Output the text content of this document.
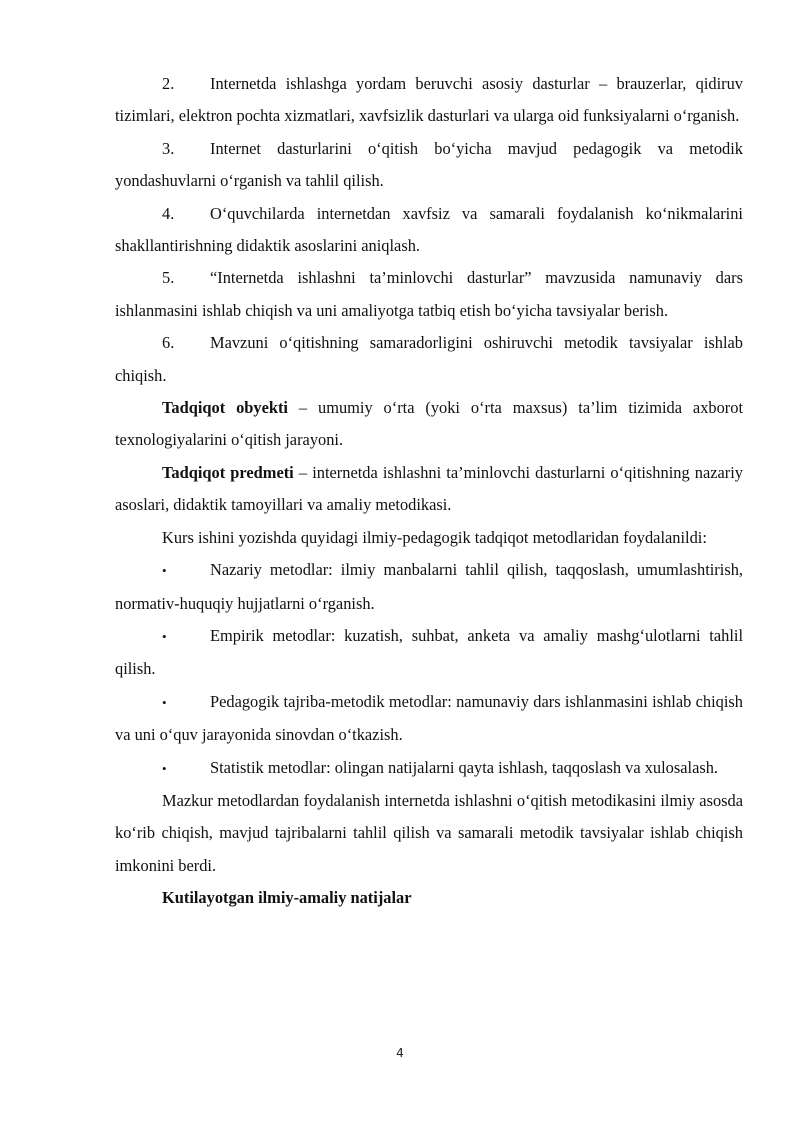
2. Internetda ishlashga yordam beruvchi asosiy dasturlar – brauzerlar, qidiruv tizimlari, elektron pochta xizmatlari, xavfsizlik dasturlari va ularga oid funksiyalarni o‘rganish.

3. Internet dasturlarini o‘qitish bo‘yicha mavjud pedagogik va metodik yondashuvlarni o‘rganish va tahlil qilish.

4. O‘quvchilarda internetdan xavfsiz va samarali foydalanish ko‘nikmalarini shakllantirishning didaktik asoslarini aniqlash.

5. “Internetda ishlashni ta’minlovchi dasturlar” mavzusida namunaviy dars ishlanmasini ishlab chiqish va uni amaliyotga tatbiq etish bo‘yicha tavsiyalar berish.

6. Mavzuni o‘qitishning samaradorligini oshiruvchi metodik tavsiyalar ishlab chiqish.

Tadqiqot obyekti – umumiy o‘rta (yoki o‘rta maxsus) ta’lim tizimida axborot texnologiyalarini o‘qitish jarayoni.

Tadqiqot predmeti – internetda ishlashni ta’minlovchi dasturlarni o‘qitishning nazariy asoslari, didaktik tamoyillari va amaliy metodikasi.

Kurs ishini yozishda quyidagi ilmiy-pedagogik tadqiqot metodlaridan foydalanildi:

•	Nazariy metodlar: ilmiy manbalarni tahlil qilish, taqqoslash, umumlashtirish, normativ-huquqiy hujjatlarni o‘rganish.

•	Empirik metodlar: kuzatish, suhbat, anketa va amaliy mashg‘ulotlarni tahlil qilish.

•	Pedagogik tajriba-metodik metodlar: namunaviy dars ishlanmasini ishlab chiqish va uni o‘quv jarayonida sinovdan o‘tkazish.

•	Statistik metodlar: olingan natijalarni qayta ishlash, taqqoslash va xulosalash.

Mazkur metodlardan foydalanish internetda ishlashni o‘qitish metodikasini ilmiy asosda ko‘rib chiqish, mavjud tajribalarni tahlil qilish va samarali metodik tavsiyalar ishlab chiqish imkonini berdi.

Kutilayotgan ilmiy-amaliy natijalar

4
